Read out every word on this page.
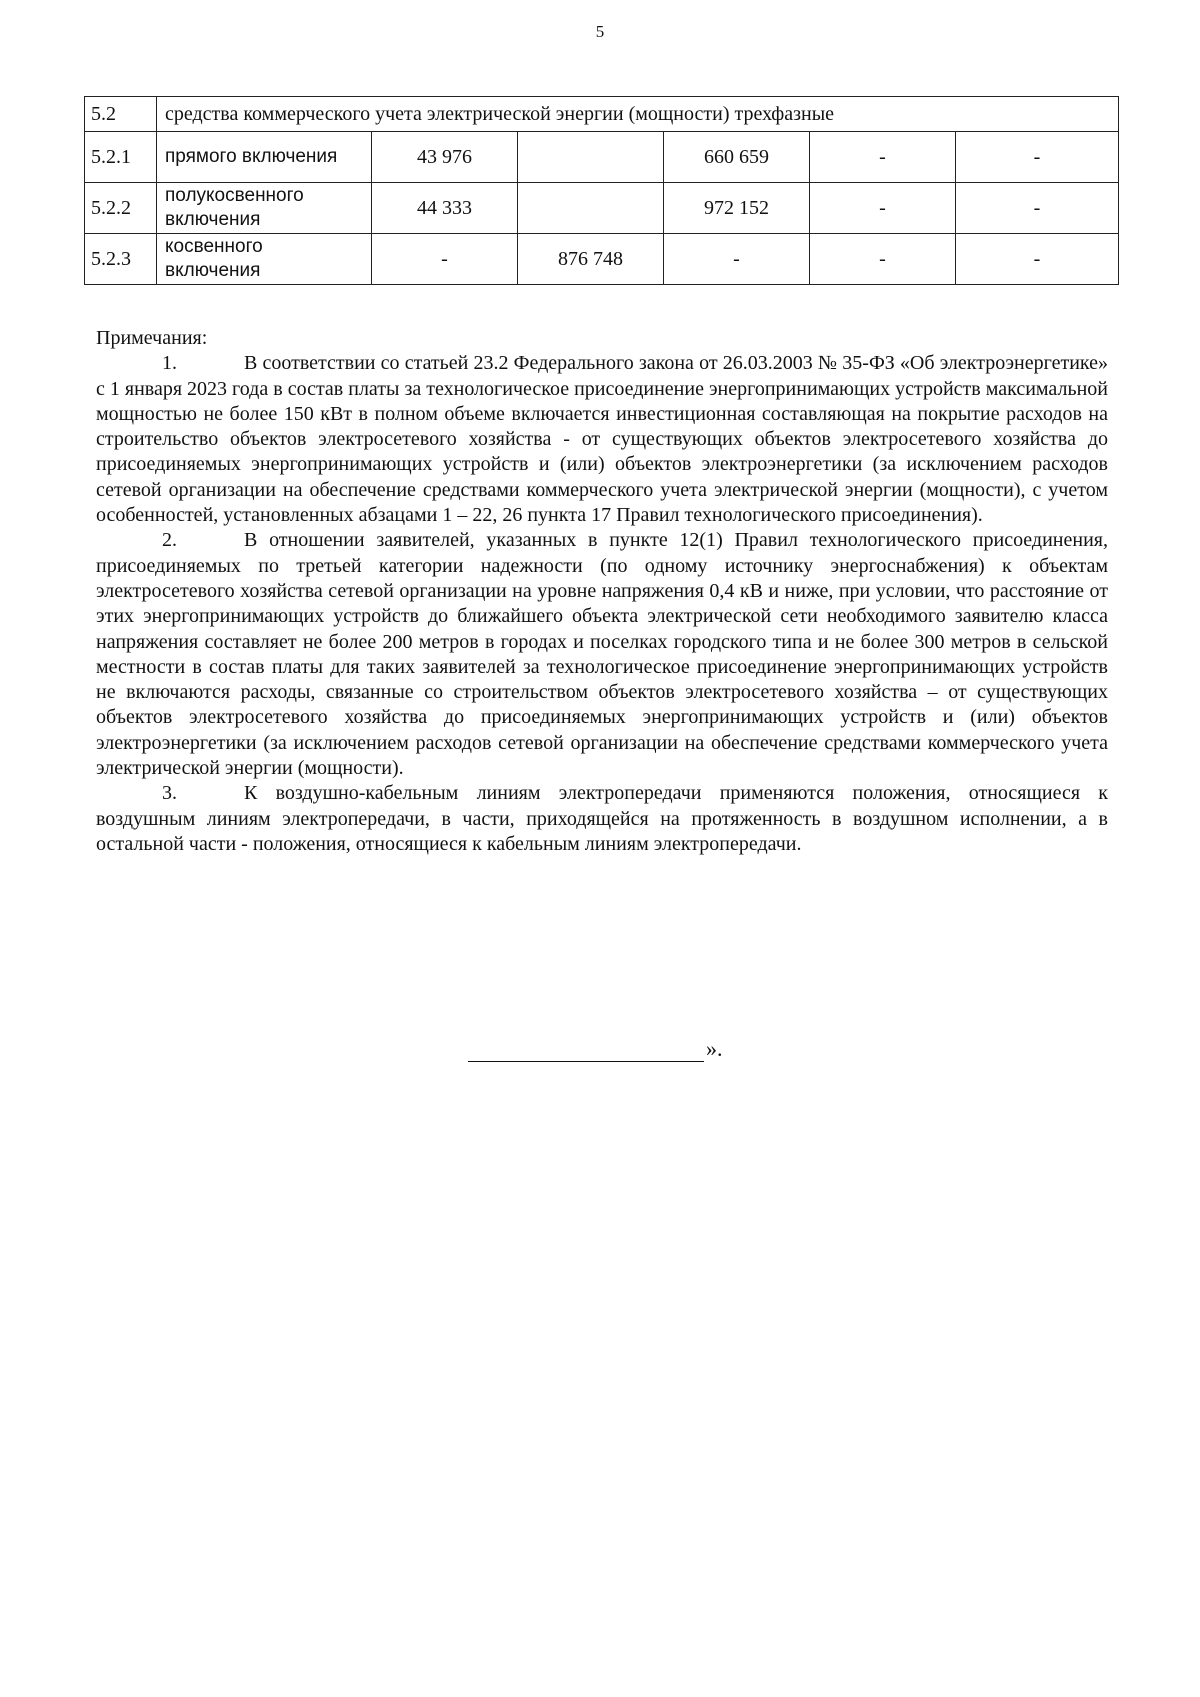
5
5.2	средства коммерческого учета электрической энергии (мощности) трехфазные					
5.2.1	прямого включения	43 976		660 659	-	-
5.2.2	полукосвенного включения	44 333		972 152	-	-
5.2.3	косвенного включения	-	876 748	-	-	-

Примечания:

1.	В соответствии со статьей 23.2 Федерального закона от 26.03.2003 № 35-ФЗ «Об электроэнергетике» с 1 января 2023 года в состав платы за технологическое присоединение энергопринимающих устройств максимальной мощностью не более 150 кВт в полном объеме включается инвестиционная составляющая на покрытие расходов на строительство объектов электросетевого хозяйства - от существующих объектов электросетевого хозяйства до присоединяемых энергопринимающих устройств и (или) объектов электроэнергетики (за исключением расходов сетевой организации на обеспечение средствами коммерческого учета электрической энергии (мощности), с учетом особенностей, установленных абзацами 1 – 22, 26 пункта 17 Правил технологического присоединения).

2.	В отношении заявителей, указанных в пункте 12(1) Правил технологического присоединения, присоединяемых по третьей категории надежности (по одному источнику энергоснабжения) к объектам электросетевого хозяйства сетевой организации на уровне напряжения 0,4 кВ и ниже, при условии, что расстояние от этих энергопринимающих устройств до ближайшего объекта электрической сети необходимого заявителю класса напряжения составляет не более 200 метров в городах и поселках городского типа и не более 300 метров в сельской местности в состав платы для таких заявителей за технологическое присоединение энергопринимающих устройств не включаются расходы, связанные со строительством объектов электросетевого хозяйства – от существующих объектов электросетевого хозяйства до присоединяемых энергопринимающих устройств и (или) объектов электроэнергетики (за исключением расходов сетевой организации на обеспечение средствами коммерческого учета электрической энергии (мощности).

3.	К воздушно-кабельным линиям электропередачи применяются положения, относящиеся к воздушным линиям электропередачи, в части, приходящейся на протяженность в воздушном исполнении, а в остальной части - положения, относящиеся к кабельным линиям электропередачи.

».
